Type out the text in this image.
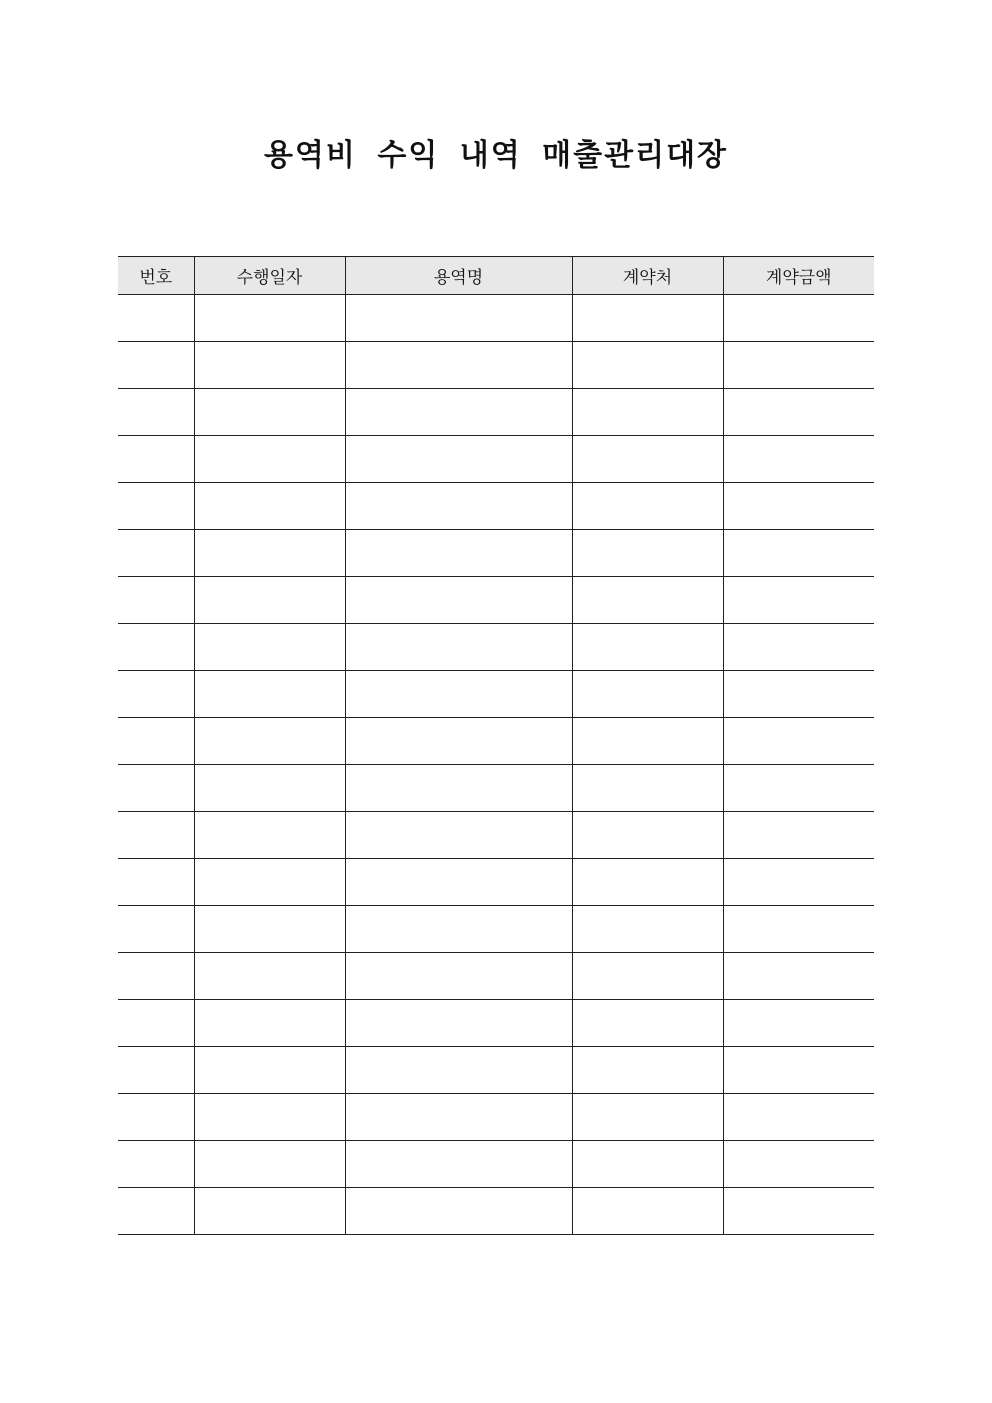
용역비 수익 내역 매출관리대장
번호	수행일자	용역명	계약처	계약금액
